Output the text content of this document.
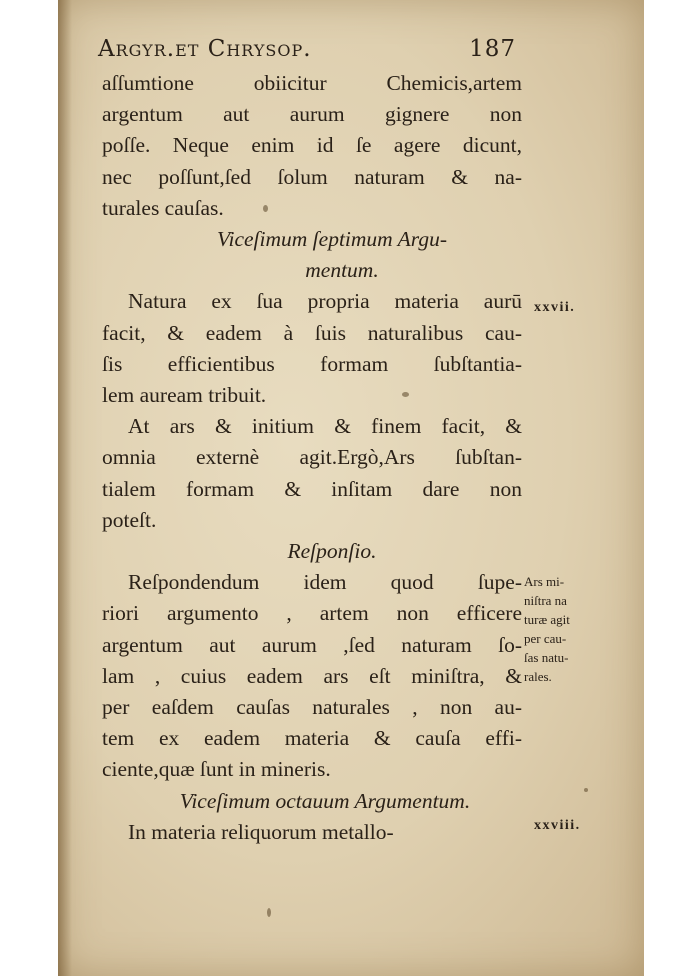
Argyr.et Chrysop.	187
aſſumtione obiicitur Chemicis,artem
argentum aut aurum gignere non
poſſe. Neque enim id ſe agere dicunt,
nec poſſunt,ſed ſolum naturam & na-
turales cauſas.
Viceſimum ſeptimum Argu-
mentum.
Natura ex ſua propria materia aurū
facit, & eadem à ſuis naturalibus cau-
ſis efficientibus formam ſubſtantia-
lem auream tribuit.
At ars & initium & finem facit, &
omnia externè agit.Ergò,Ars ſubſtan-
tialem formam & inſitam dare non
poteſt.
Reſponſio.
Reſpondendum idem quod ſupe-
riori argumento , artem non efficere
argentum aut aurum ,ſed naturam ſo-
lam , cuius eadem ars eſt miniſtra, &
per eaſdem cauſas naturales , non au-
tem ex eadem materia & cauſa effi-
ciente,quæ ſunt in mineris.
Viceſimum octauum Argumentum.
In materia reliquorum metallo-
xxvii.
Ars mi-
niſtra na
turæ agit
per cau-
ſas natu-
rales.
xxviii.
